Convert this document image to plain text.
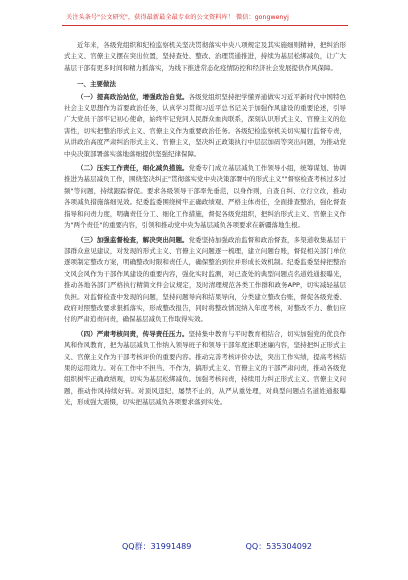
关注头条号"公文研究"，获得最新最全最专业的公文资料库！ 微信：gongwenyj

近年来，各级党组织和纪检监察机关坚决贯彻落实中央八项规定及其实施细则精神，把纠治形式主义、官僚主义摆在突出位置，坚持查处、整改、治理贯通推进，持续为基层松绑减负，让广大基层干部有更多时间和精力抓落实，为线下推进常态化疫情防控和经济社会发展提供作风保障。

一、主要做法

（一）提高政治站位，增强政治自觉。各级党组织坚持把学懂弄通做实习近平新时代中国特色社会主义思想作为首要政治任务，认真学习贯彻习近平总书记关于加强作风建设的重要论述，引导广大党员干部牢记初心使命，始终牢记党同人民群众血肉联系，深刻认识形式主义、官僚主义的危害性，切实把整治形式主义、官僚主义作为重要政治任务。各级纪检监察机关切实履行监督专责，从讲政治高度严肃纠治形式主义、官僚主义，坚决纠正政策执行中层层加码等突出问题，为推动党中央决策部署落实落地落细提供坚强纪律保障。

（二）压实工作责任，细化减负措施。党委专门成立基层减负工作领导小组，统筹谋划、协调推进为基层减负工作，围绕坚决纠正"贯彻落实党中央决策部署中的形式主义""督察检查考核过多过频"等问题，持续跟踪督促。要求各级领导干部率先垂范，以身作则，自查自纠、立行立改，推动各项减负措施落细见效。纪委监委围绕树牢正确政绩观、严格主体责任，全面排查整治，强化督查指导和问责力度，明确责任分工、细化工作措施，督促各级党组织，把纠治形式主义、官僚主义作为"两个责任"的重要内容，引领和推动党中央为基层减负各项要求在新疆落地生根。

（三）加强监督检查，解决突出问题。党委坚持加强政治监督和政治督查，多渠道收集基层干部群众意见建议，对发现的形式主义、官僚主义问题逐一梳理，建立问题台账，督促相关部门单位逐项制定整改方案，明确整改时限和责任人，确保整治到位并形成长效机制。纪委监委坚持把整治文风会风作为干部作风建设的重要内容，强化实时监测，对已查处的典型问题点名道姓通报曝光，推动各地各部门严格执行精简文件会议规定，及时清理规范各类工作群和政务APP，切实减轻基层负担。对监督检查中发现的问题，坚持问题导向和结果导向，分类建立整改台账，督促各级党委、政府对照整改要求狠抓落实，形成整改报告，同时将整改情况纳入年度考核，对整改不力、敷衍应付的严肃追责问责，确保基层减负工作取得实效。

（四）严肃考核问责，传导责任压力。坚持集中教育与平时教育相结合，切实加强党的优良作风和作风教育，把为基层减负工作纳入领导班子和领导干部年度述职述廉内容，坚持把纠正形式主义、官僚主义作为干部考核评价的重要内容。推动完善考核评价办法，突出工作实绩，提高考核结果的运用效力。对在工作中不担当、不作为，搞形式主义、官僚主义的干部严肃问责，推动各级党组织树牢正确政绩观，切实为基层松绑减负。加强考核问责，持续用力纠正形式主义、官僚主义问题，推动作风持续好转。对顶风违纪、屡禁不止的，从严从重处理，对典型问题点名道姓通报曝光，形成强大震慑，切实把基层减负各项要求落到实处。

QQ群：31991489	QQ：535304092
